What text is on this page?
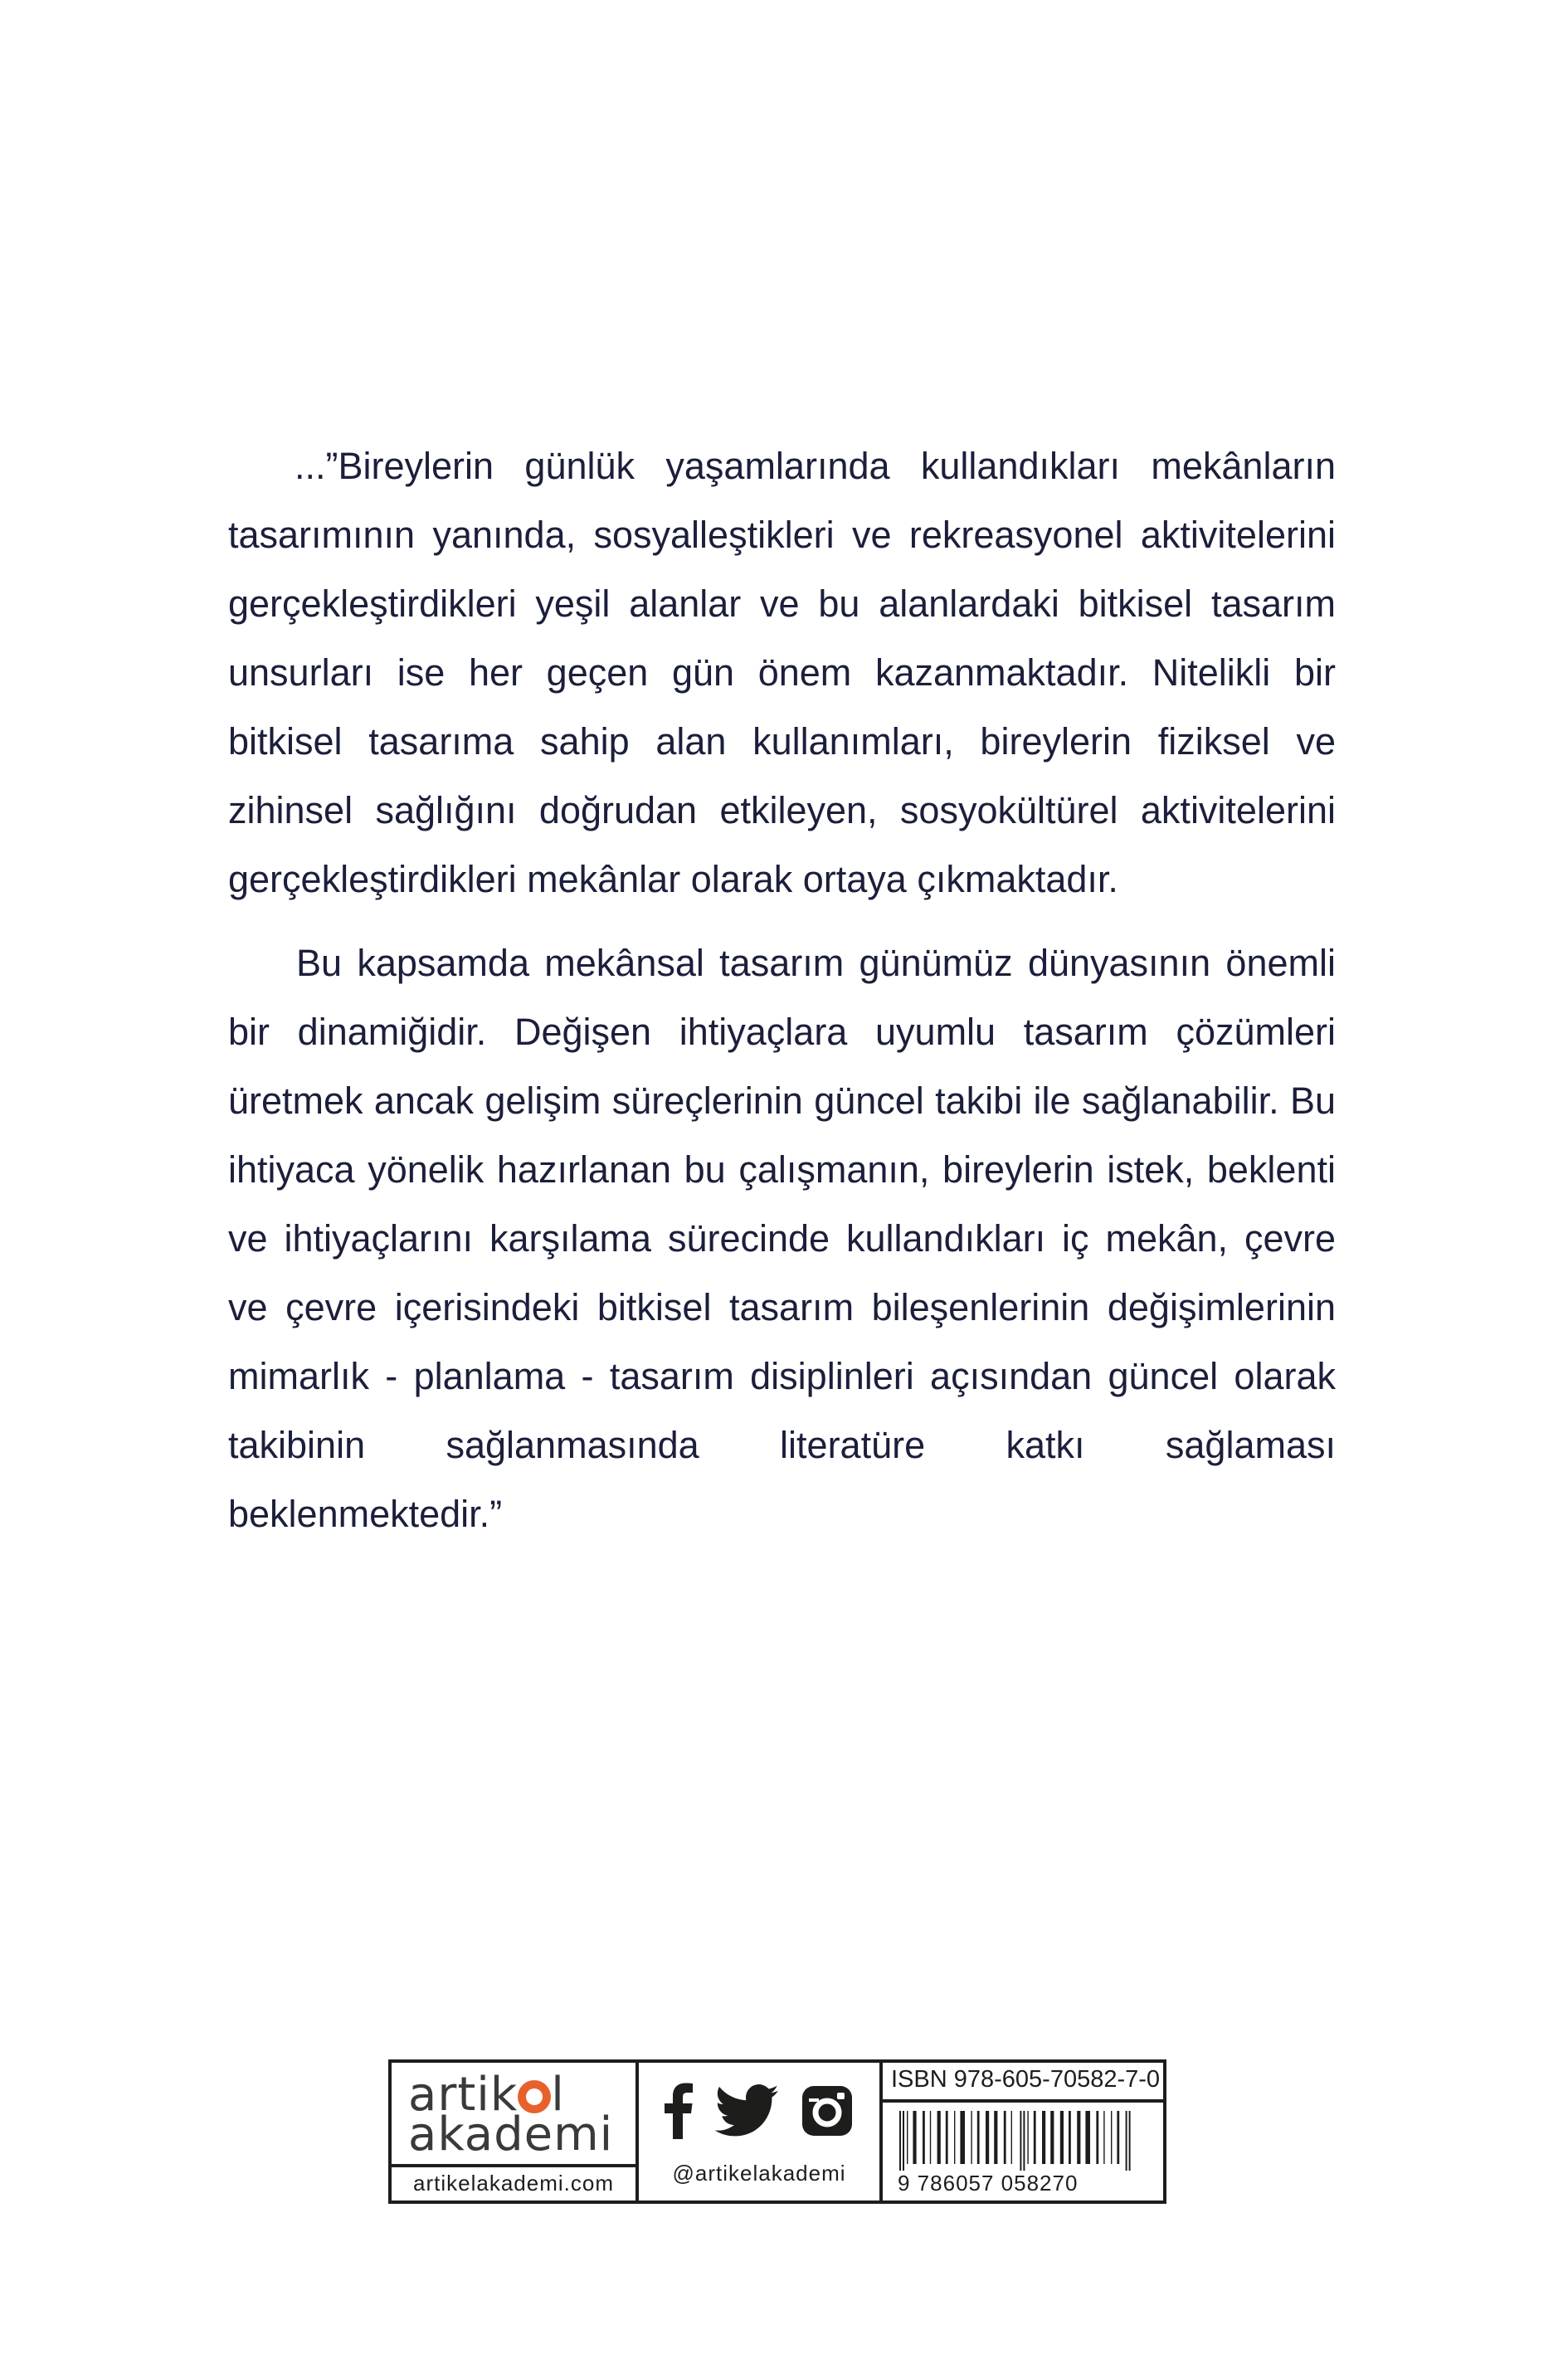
...”Bireylerin günlük yaşamlarında kullandıkları mekânların tasarımının yanında, sosyalleştikleri ve rekreasyonel aktivitelerini gerçekleştirdikleri yeşil alanlar ve bu alanlardaki bitkisel tasarım unsurları ise her geçen gün önem kazanmaktadır. Nitelikli bir bitkisel tasarıma sahip alan kullanımları, bireylerin fiziksel ve zihinsel sağlığını doğrudan etkileyen, sosyokültürel aktivitelerini gerçekleştirdikleri mekânlar olarak ortaya çıkmaktadır.

Bu kapsamda mekânsal tasarım günümüz dünyasının önemli bir dinamiğidir. Değişen ihtiyaçlara uyumlu tasarım çözümleri üretmek ancak gelişim süreçlerinin güncel takibi ile sağlanabilir. Bu ihtiyaca yönelik hazırlanan bu çalışmanın, bireylerin istek, beklenti ve ihtiyaçlarını karşılama sürecinde kullandıkları iç mekân, çevre ve çevre içerisindeki bitkisel tasarım bileşenlerinin değişimlerinin mimarlık - planlama - tasarım disiplinleri açısından güncel olarak takibinin sağlanmasında literatüre katkı sağlaması beklenmektedir.”

artik l
akademi
artikelakademi.com	@artikelakademi
ISBN 978-605-70582-7-0
9 786057 058270
